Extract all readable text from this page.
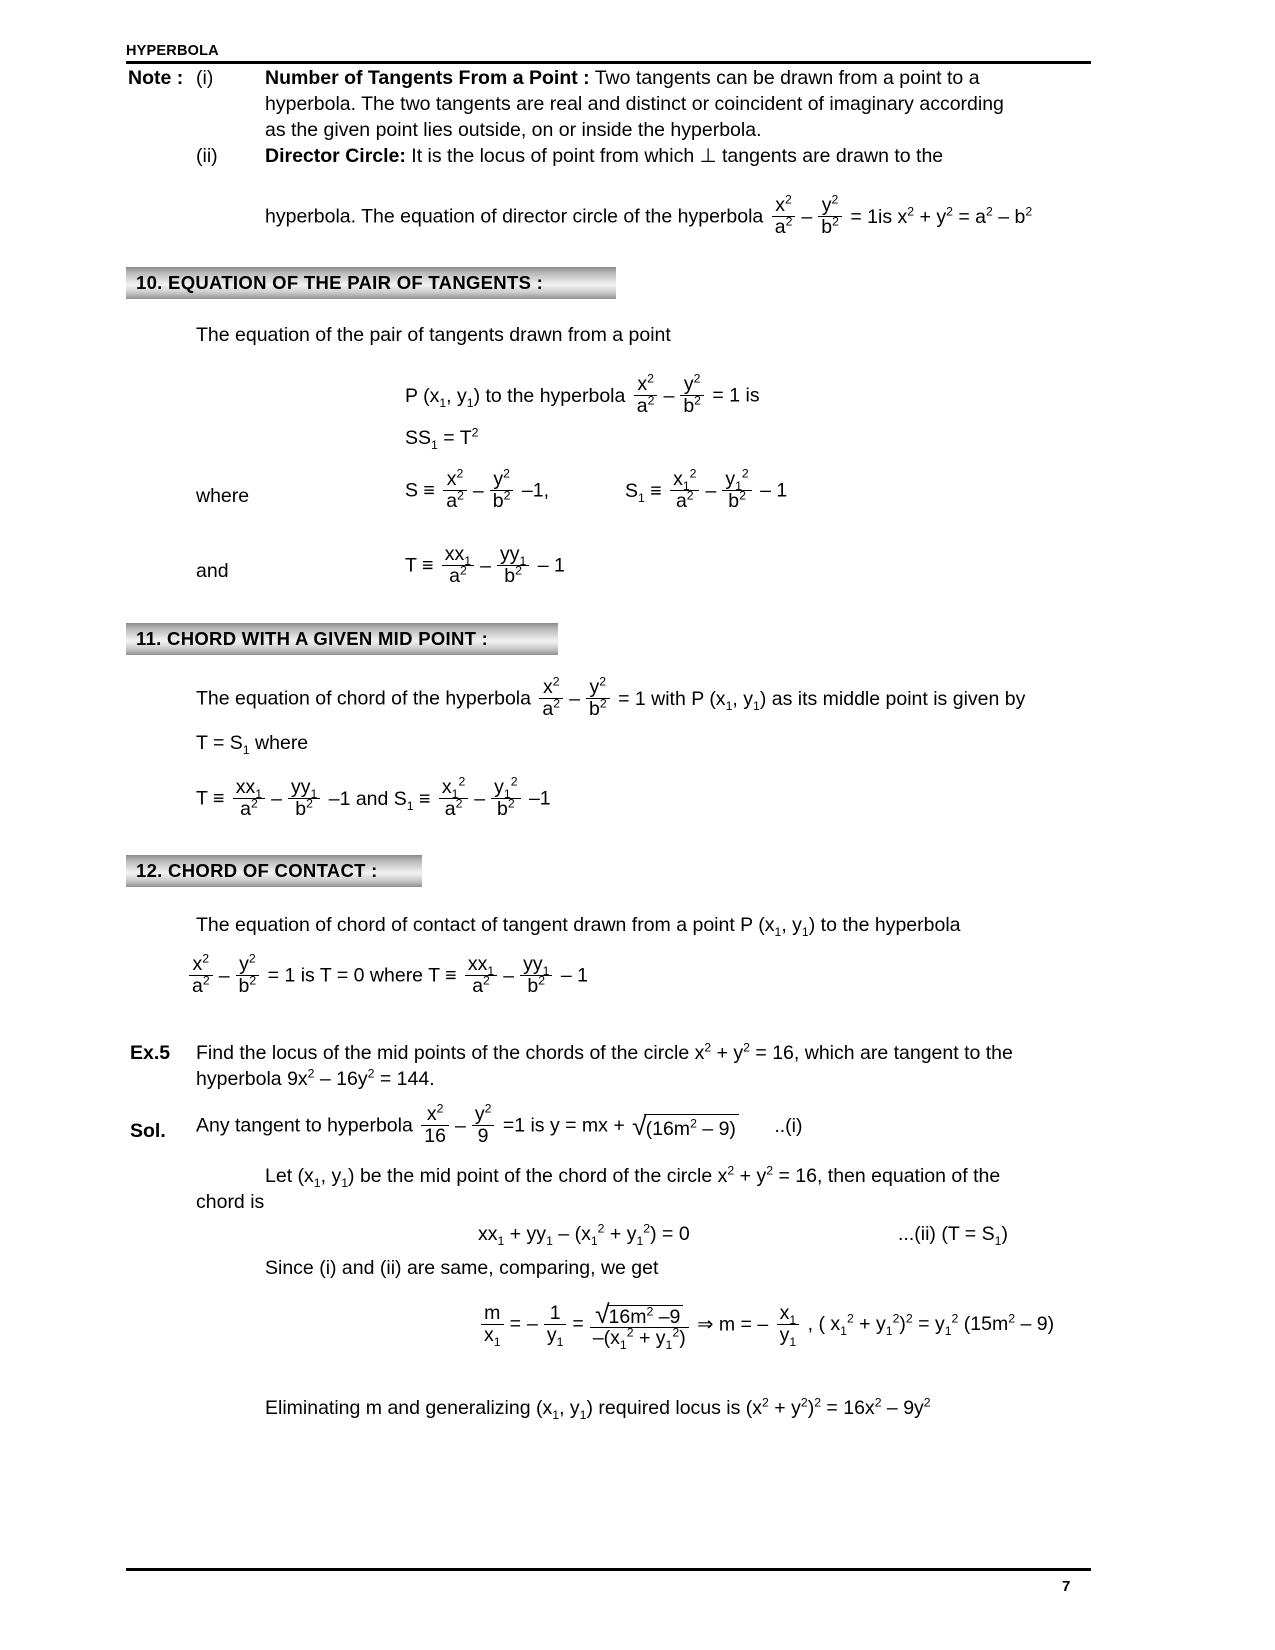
HYPERBOLA
Note : (i)	Number of Tangents From a Point : Two tangents can be drawn from a point to a
hyperbola. The two tangents are real and distinct or coincident of imaginary according
as the given point lies outside, on or inside the hyperbola.
(ii) Director Circle: It is the locus of point from which ⊥ tangents are drawn to the
hyperbola. The equation of director circle of the hyperbola $\frac{x^2}{a^2} - \frac{y^2}{b^2} = 1is$ $x^2 + y^2 = a^2 - b^2$
10. EQUATION OF THE PAIR OF TANGENTS :
The equation of the pair of tangents drawn from a point
P ($x_1$, $y_1$) to the hyperbola $\frac{x^2}{a^2} - \frac{y^2}{b^2} = 1$ is
$SS_1 = T^2$
where	$S \equiv \frac{x^2}{a^2} - \frac{y^2}{b^2} -1$,	$S_1 \equiv \frac{x_1^2}{a^2} - \frac{y_1^2}{b^2} - 1$
and	$T \equiv \frac{xx_1}{a^2} - \frac{yy_1}{b^2} - 1$
11. CHORD WITH A GIVEN MID POINT :
The equation of chord of the hyperbola $\frac{x^2}{a^2} - \frac{y^2}{b^2} = 1$ with P ($x_1$, $y_1$) as its middle point is given by
$T = S_1$ where
$T \equiv \frac{xx_1}{a^2} - \frac{yy_1}{b^2} -1$ and $S_1 \equiv \frac{x_1^2}{a^2} - \frac{y_1^2}{b^2} -1$
12. CHORD OF CONTACT :
The equation of chord of contact of tangent drawn from a point P ($x_1$, $y_1$) to the hyperbola
$\frac{x^2}{a^2} - \frac{y^2}{b^2} = 1$ is T = 0 where $T \equiv \frac{xx_1}{a^2} - \frac{yy_1}{b^2} - 1$
Ex.5 Find the locus of the mid points of the chords of the circle $x^2 + y^2 = 16$, which are tangent to the
hyperbola $9x^2 - 16y^2 = 144$.
Sol. Any tangent to hyperbola $\frac{x^2}{16} - \frac{y^2}{9} =1$ is y = mx + $√(16m^2 - 9)$ ..(i)
Let ($x_1$, $y_1$) be the mid point of the chord of the circle $x^2 + y^2 = 16$, then equation of the
chord is
$xx_1 + yy_1 - (x_1^2 + y_1^2) = 0$	...(ii) $(T = S_1)$
Since (i) and (ii) are same, comparing, we get
$\frac{m}{x_1}$ = – $\frac{1}{y_1} = \frac{√16m^2 -9}{-(x_1^2 + y_1^2)}$ ⇒ m = – $\frac{x_1}{y_1}$ , ( $x_1^2 + y_1^2)^2 = y_1^2$ $(15m^2 - 9)$
Eliminating m and generalizing ($x_1$, $y_1$) required locus is $(x^2 + y^2)^2 = 16x^2 - 9y^2$
7
